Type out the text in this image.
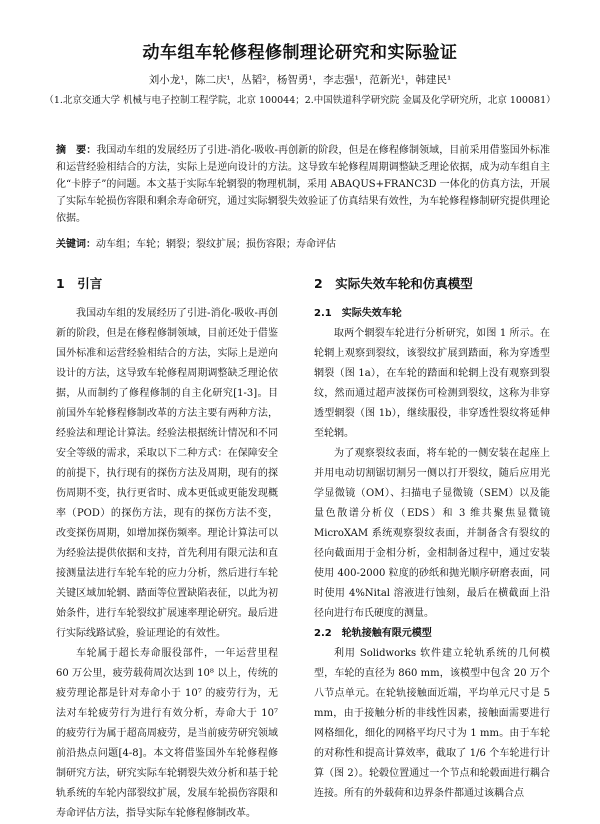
动车组车轮修程修制理论研究和实际验证
刘小龙¹，陈二庆¹，丛韬²，杨智勇¹，李志强¹，范新光¹，韩建民¹
（1.北京交通大学 机械与电子控制工程学院，北京 100044；2.中国铁道科学研究院 金属及化学研究所，北京 100081）
摘　要：我国动车组的发展经历了引进-消化-吸收-再创新的阶段，但是在修程修制领域，目前采用借鉴国外标准和运营经验相结合的方法，实际上是逆向设计的方法。这导致车轮修程周期调整缺乏理论依据，成为动车组自主化“卡脖子”的问题。本文基于实际车轮辋裂的物理机制，采用 ABAQUS+FRANC3D 一体化的仿真方法，开展了实际车轮损伤容限和剩余寿命研究，通过实际辋裂失效验证了仿真结果有效性，为车轮修程修制研究提供理论依据。
关键词：动车组；车轮；辋裂；裂纹扩展；损伤容限；寿命评估
1　引言

我国动车组的发展经历了引进-消化-吸收-再创新的阶段，但是在修程修制领域，目前还处于借鉴国外标准和运营经验相结合的方法，实际上是逆向设计的方法，这导致车轮修程周期调整缺乏理论依据，从而制约了修程修制的自主化研究[1-3]。目前国外车轮修程修制改革的方法主要有两种方法，经验法和理论计算法。经验法根据统计情况和不同安全等级的需求，采取以下二种方式：在保障安全的前提下，执行现有的探伤方法及周期，现有的探伤周期不变，执行更省时、成本更低或更能发现概率（POD）的探伤方法，现有的探伤方法不变，改变探伤周期，如增加探伤频率。理论计算法可以为经验法提供依据和支持，首先利用有限元法和直接测量法进行车轮车轮的应力分析，然后进行车轮关键区域加轮辋、踏面等位置缺陷表征，以此为初始条件，进行车轮裂纹扩展速率理论研究。最后进行实际线路试验，验证理论的有效性。

车轮属于超长寿命服役部件，一年运营里程 60 万公里，疲劳载荷周次达到 10⁸ 以上，传统的疲劳理论都是针对寿命小于 10⁷ 的疲劳行为，无法对车轮疲劳行为进行有效分析，寿命大于 10⁷ 的疲劳行为属于超高周疲劳，是当前疲劳研究领域前沿热点问题[4-8]。本文将借鉴国外车轮修程修制研究方法，研究实际车轮辋裂失效分析和基于轮轨系统的车轮内部裂纹扩展，发展车轮损伤容限和寿命评估方法，指导实际车轮修程修制改革。

2　实际失效车轮和仿真模型
2.1　实际失效车轮

取两个辋裂车轮进行分析研究，如图 1 所示。在轮辋上观察到裂纹，该裂纹扩展到踏面，称为穿透型辋裂（图 1a），在车轮的踏面和轮辋上没有观察到裂纹，然而通过超声波探伤可检测到裂纹，这称为非穿透型辋裂（图 1b），继续服役，非穿透性裂纹将延伸至轮辋。

为了观察裂纹表面，将车轮的一侧安装在起座上并用电动切割锯切割另一侧以打开裂纹，随后应用光学显微镜（OM）、扫描电子显微镜（SEM）以及能量色散谱分析仪（EDS）和 3 维共聚焦显微镜 MicroXAM 系统观察裂纹表面，并制备含有裂纹的径向截面用于金相分析，金相制备过程中，通过安装使用 400-2000 粒度的砂纸和抛光顺序研磨表面，同时使用 4%Nital 溶液进行蚀刻，最后在横截面上沿径向进行布氏硬度的测量。

2.2　轮轨接触有限元模型

利用 Solidworks 软件建立轮轨系统的几何模型，车轮的直径为 860 mm，该模型中包含 20 万个八节点单元。在轮轨接触面近端，平均单元尺寸是 5 mm，由于接触分析的非线性因素，接触面需要进行网格细化，细化的网格平均尺寸为 1 mm。由于车轮的对称性和提高计算效率，截取了 1/6 个车轮进行计算（图 2）。轮毂位置通过一个节点和轮毂面进行耦合连接。所有的外载荷和边界条件都通过该耦合点
